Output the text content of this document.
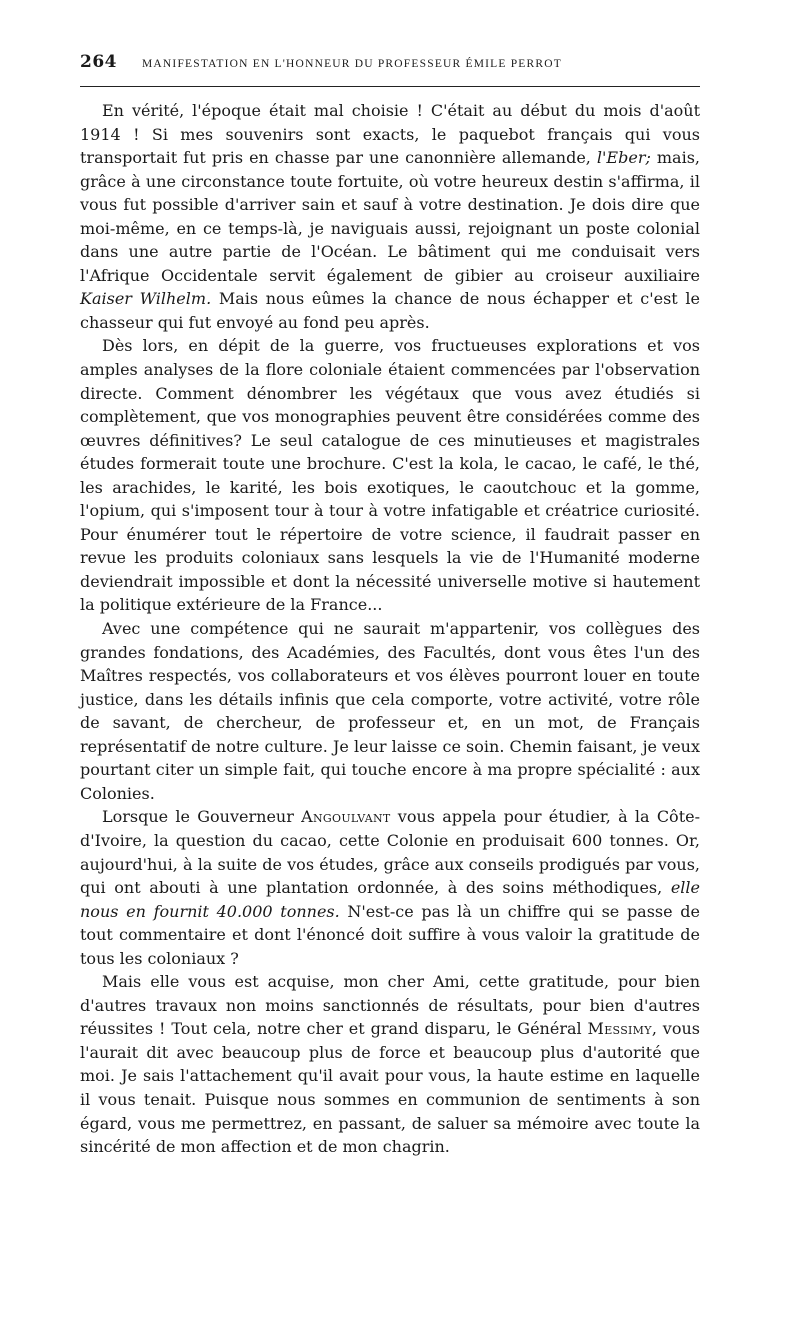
264	MANIFESTATION EN L'HONNEUR DU PROFESSEUR ÉMILE PERROT

En vérité, l'époque était mal choisie ! C'était au début du mois d'août 1914 ! Si mes souvenirs sont exacts, le paquebot français qui vous transportait fut pris en chasse par une canonnière allemande, l'Eber; mais, grâce à une circonstance toute fortuite, où votre heureux destin s'affirma, il vous fut possible d'arriver sain et sauf à votre destination. Je dois dire que moi-même, en ce temps-là, je naviguais aussi, rejoignant un poste colonial dans une autre partie de l'Océan. Le bâtiment qui me conduisait vers l'Afrique Occidentale servit également de gibier au croiseur auxiliaire Kaiser Wilhelm. Mais nous eûmes la chance de nous échapper et c'est le chasseur qui fut envoyé au fond peu après.

Dès lors, en dépit de la guerre, vos fructueuses explorations et vos amples analyses de la flore coloniale étaient commencées par l'observation directe. Comment dénombrer les végétaux que vous avez étudiés si complètement, que vos monographies peuvent être considérées comme des œuvres définitives? Le seul catalogue de ces minutieuses et magistrales études formerait toute une brochure. C'est la kola, le cacao, le café, le thé, les arachides, le karité, les bois exotiques, le caoutchouc et la gomme, l'opium, qui s'imposent tour à tour à votre infatigable et créatrice curiosité. Pour énumérer tout le répertoire de votre science, il faudrait passer en revue les produits coloniaux sans lesquels la vie de l'Humanité moderne deviendrait impossible et dont la nécessité universelle motive si hautement la politique extérieure de la France...

Avec une compétence qui ne saurait m'appartenir, vos collègues des grandes fondations, des Académies, des Facultés, dont vous êtes l'un des Maîtres respectés, vos collaborateurs et vos élèves pourront louer en toute justice, dans les détails infinis que cela comporte, votre activité, votre rôle de savant, de chercheur, de professeur et, en un mot, de Français représentatif de notre culture. Je leur laisse ce soin. Chemin faisant, je veux pourtant citer un simple fait, qui touche encore à ma propre spécialité : aux Colonies.

Lorsque le Gouverneur Angoulvant vous appela pour étudier, à la Côte-d'Ivoire, la question du cacao, cette Colonie en produisait 600 tonnes. Or, aujourd'hui, à la suite de vos études, grâce aux conseils prodigués par vous, qui ont abouti à une plantation ordonnée, à des soins méthodiques, elle nous en fournit 40.000 tonnes. N'est-ce pas là un chiffre qui se passe de tout commentaire et dont l'énoncé doit suffire à vous valoir la gratitude de tous les coloniaux ?

Mais elle vous est acquise, mon cher Ami, cette gratitude, pour bien d'autres travaux non moins sanctionnés de résultats, pour bien d'autres réussites ! Tout cela, notre cher et grand disparu, le Général Messimy, vous l'aurait dit avec beaucoup plus de force et beaucoup plus d'autorité que moi. Je sais l'attachement qu'il avait pour vous, la haute estime en laquelle il vous tenait. Puisque nous sommes en communion de sentiments à son égard, vous me permettrez, en passant, de saluer sa mémoire avec toute la sincérité de mon affection et de mon chagrin.
